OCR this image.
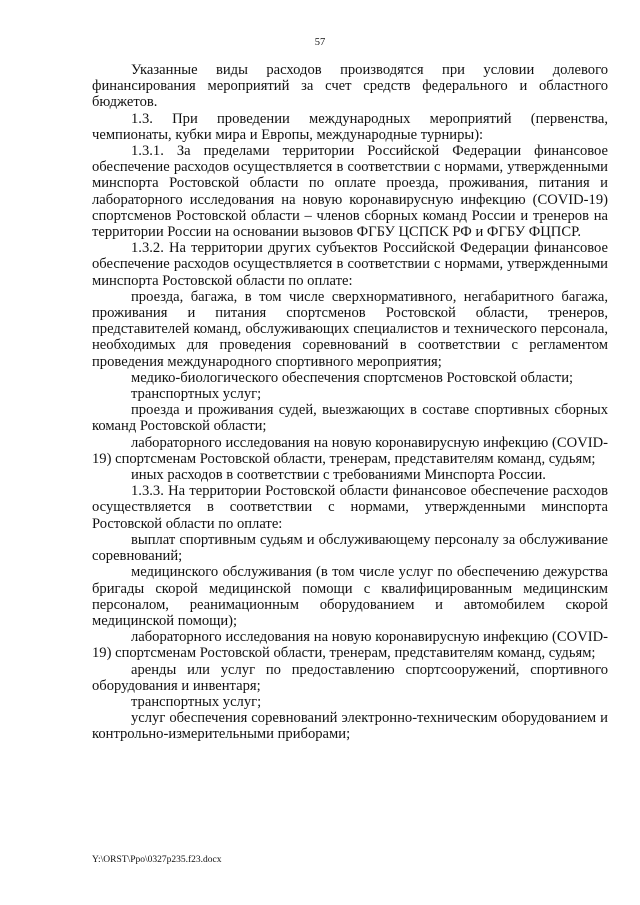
57

Указанные виды расходов производятся при условии долевого финансирования мероприятий за счет средств федерального и областного бюджетов.

1.3. При проведении международных мероприятий (первенства, чемпионаты, кубки мира и Европы, международные турниры):

1.3.1. За пределами территории Российской Федерации финансовое обеспечение расходов осуществляется в соответствии с нормами, утвержденными минспорта Ростовской области по оплате проезда, проживания, питания и лабораторного исследования на новую коронавирусную инфекцию (COVID-19) спортсменов Ростовской области – членов сборных команд России и тренеров на территории России на основании вызовов ФГБУ ЦСПСК РФ и ФГБУ ФЦПСР.

1.3.2. На территории других субъектов Российской Федерации финансовое обеспечение расходов осуществляется в соответствии с нормами, утвержденными минспорта Ростовской области по оплате:

проезда, багажа, в том числе сверхнормативного, негабаритного багажа, проживания и питания спортсменов Ростовской области, тренеров, представителей команд, обслуживающих специалистов и технического персонала, необходимых для проведения соревнований в соответствии с регламентом проведения международного спортивного мероприятия;

медико-биологического обеспечения спортсменов Ростовской области;

транспортных услуг;

проезда и проживания судей, выезжающих в составе спортивных сборных команд Ростовской области;

лабораторного исследования на новую коронавирусную инфекцию (COVID-19) спортсменам Ростовской области, тренерам, представителям команд, судьям;

иных расходов в соответствии с требованиями Минспорта России.

1.3.3. На территории Ростовской области финансовое обеспечение расходов осуществляется в соответствии с нормами, утвержденными минспорта Ростовской области по оплате:

выплат спортивным судьям и обслуживающему персоналу за обслуживание соревнований;

медицинского обслуживания (в том числе услуг по обеспечению дежурства бригады скорой медицинской помощи с квалифицированным медицинским персоналом, реанимационным оборудованием и автомобилем скорой медицинской помощи);

лабораторного исследования на новую коронавирусную инфекцию (COVID-19) спортсменам Ростовской области, тренерам, представителям команд, судьям;

аренды или услуг по предоставлению спортсооружений, спортивного оборудования и инвентаря;

транспортных услуг;

услуг обеспечения соревнований электронно-техническим оборудованием и контрольно-измерительными приборами;

Y:\ORST\Ppo\0327p235.f23.docx
